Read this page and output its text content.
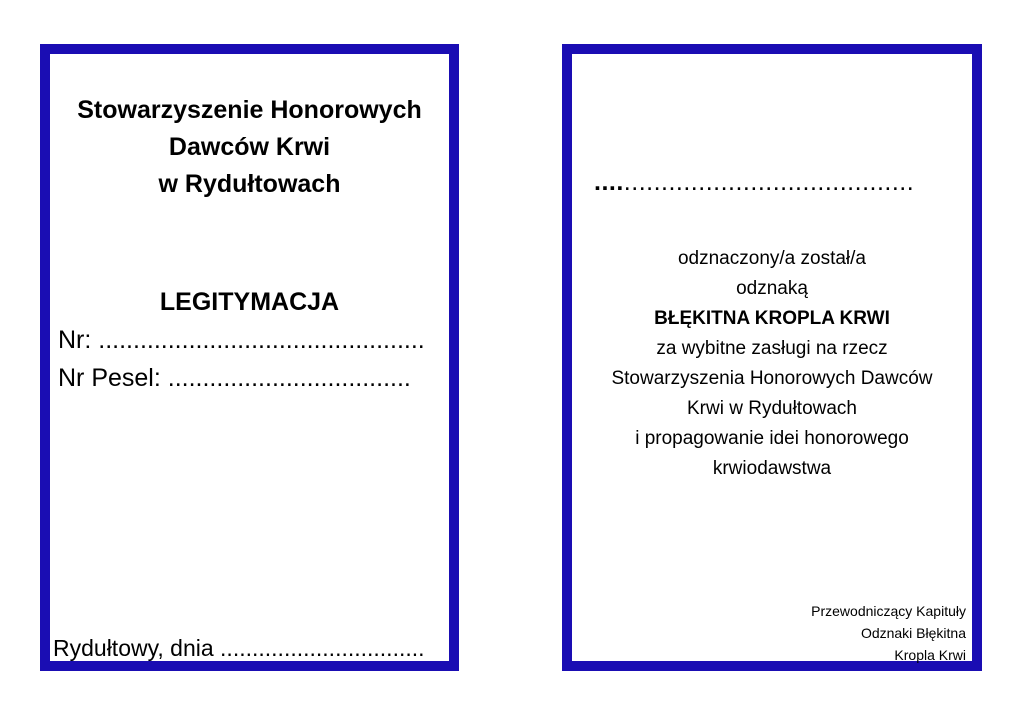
Stowarzyszenie Honorowych
Dawców Krwi
w Rydułtowach
LEGITYMACJA
Nr: ...............................................
Nr Pesel: ...................................
Rydułtowy, dnia ................................
...........................................
odznaczony/a został/a
odznaką
BŁĘKITNA KROPLA KRWI
za wybitne zasługi na rzecz
Stowarzyszenia Honorowych Dawców
Krwi w Rydułtowach
i propagowanie idei honorowego
krwiodawstwa
Przewodniczący Kapituły
Odznaki Błękitna
Kropla Krwi
